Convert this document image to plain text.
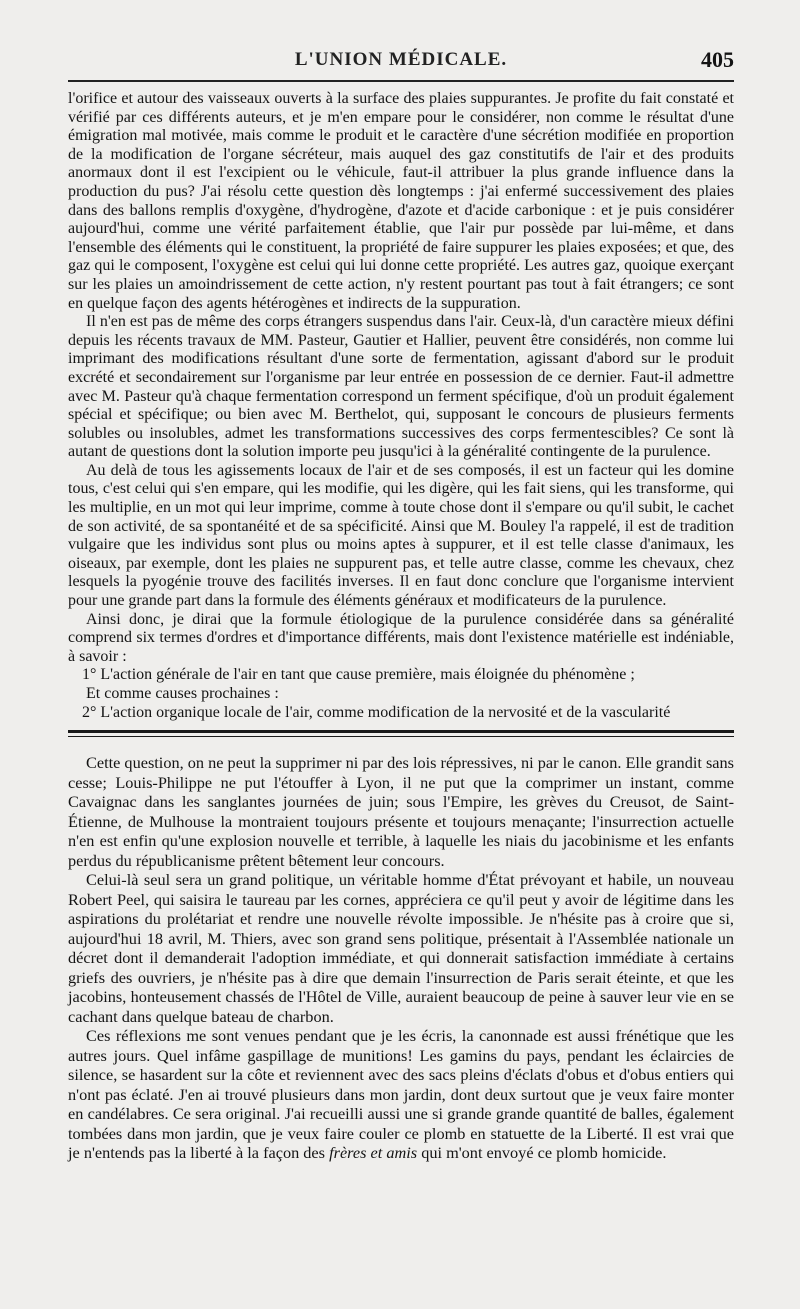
L'UNION MÉDICALE.	405

l'orifice et autour des vaisseaux ouverts à la surface des plaies suppurantes. Je profite du fait constaté et vérifié par ces différents auteurs, et je m'en empare pour le considérer, non comme le résultat d'une émigration mal motivée, mais comme le produit et le caractère d'une sécrétion modifiée en proportion de la modification de l'organe sécréteur, mais auquel des gaz constitutifs de l'air et des produits anormaux dont il est l'excipient ou le véhicule, faut-il attribuer la plus grande influence dans la production du pus? J'ai résolu cette question dès longtemps : j'ai enfermé successivement des plaies dans des ballons remplis d'oxygène, d'hydrogène, d'azote et d'acide carbonique : et je puis considérer aujourd'hui, comme une vérité parfaitement établie, que l'air pur possède par lui-même, et dans l'ensemble des éléments qui le constituent, la propriété de faire suppurer les plaies exposées; et que, des gaz qui le composent, l'oxygène est celui qui lui donne cette propriété. Les autres gaz, quoique exerçant sur les plaies un amoindrissement de cette action, n'y restent pourtant pas tout à fait étrangers; ce sont en quelque façon des agents hétérogènes et indirects de la suppuration.

Il n'en est pas de même des corps étrangers suspendus dans l'air. Ceux-là, d'un caractère mieux défini depuis les récents travaux de MM. Pasteur, Gautier et Hallier, peuvent être considérés, non comme lui imprimant des modifications résultant d'une sorte de fermentation, agissant d'abord sur le produit excrété et secondairement sur l'organisme par leur entrée en possession de ce dernier. Faut-il admettre avec M. Pasteur qu'à chaque fermentation correspond un ferment spécifique, d'où un produit également spécial et spécifique; ou bien avec M. Berthelot, qui, supposant le concours de plusieurs ferments solubles ou insolubles, admet les transformations successives des corps fermentescibles? Ce sont là autant de questions dont la solution importe peu jusqu'ici à la généralité contingente de la purulence.

Au delà de tous les agissements locaux de l'air et de ses composés, il est un facteur qui les domine tous, c'est celui qui s'en empare, qui les modifie, qui les digère, qui les fait siens, qui les transforme, qui les multiplie, en un mot qui leur imprime, comme à toute chose dont il s'empare ou qu'il subit, le cachet de son activité, de sa spontanéité et de sa spécificité. Ainsi que M. Bouley l'a rappelé, il est de tradition vulgaire que les individus sont plus ou moins aptes à suppurer, et il est telle classe d'animaux, les oiseaux, par exemple, dont les plaies ne suppurent pas, et telle autre classe, comme les chevaux, chez lesquels la pyogénie trouve des facilités inverses. Il en faut donc conclure que l'organisme intervient pour une grande part dans la formule des éléments généraux et modificateurs de la purulence.

Ainsi donc, je dirai que la formule étiologique de la purulence considérée dans sa généralité comprend six termes d'ordres et d'importance différents, mais dont l'existence matérielle est indéniable, à savoir :

1° L'action générale de l'air en tant que cause première, mais éloignée du phénomène ;

Et comme causes prochaines :

2° L'action organique locale de l'air, comme modification de la nervosité et de la vascularité

Cette question, on ne peut la supprimer ni par des lois répressives, ni par le canon. Elle grandit sans cesse; Louis-Philippe ne put l'étouffer à Lyon, il ne put que la comprimer un instant, comme Cavaignac dans les sanglantes journées de juin; sous l'Empire, les grèves du Creusot, de Saint-Étienne, de Mulhouse la montraient toujours présente et toujours menaçante; l'insurrection actuelle n'en est enfin qu'une explosion nouvelle et terrible, à laquelle les niais du jacobinisme et les enfants perdus du républicanisme prêtent bêtement leur concours.

Celui-là seul sera un grand politique, un véritable homme d'État prévoyant et habile, un nouveau Robert Peel, qui saisira le taureau par les cornes, appréciera ce qu'il peut y avoir de légitime dans les aspirations du prolétariat et rendre une nouvelle révolte impossible. Je n'hésite pas à croire que si, aujourd'hui 18 avril, M. Thiers, avec son grand sens politique, présentait à l'Assemblée nationale un décret dont il demanderait l'adoption immédiate, et qui donnerait satisfaction immédiate à certains griefs des ouvriers, je n'hésite pas à dire que demain l'insurrection de Paris serait éteinte, et que les jacobins, honteusement chassés de l'Hôtel de Ville, auraient beaucoup de peine à sauver leur vie en se cachant dans quelque bateau de charbon.

Ces réflexions me sont venues pendant que je les écris, la canonnade est aussi frénétique que les autres jours. Quel infâme gaspillage de munitions! Les gamins du pays, pendant les éclaircies de silence, se hasardent sur la côte et reviennent avec des sacs pleins d'éclats d'obus et d'obus entiers qui n'ont pas éclaté. J'en ai trouvé plusieurs dans mon jardin, dont deux surtout que je veux faire monter en candélabres. Ce sera original. J'ai recueilli aussi une si grande grande quantité de balles, également tombées dans mon jardin, que je veux faire couler ce plomb en statuette de la Liberté. Il est vrai que je n'entends pas la liberté à la façon des frères et amis qui m'ont envoyé ce plomb homicide.
